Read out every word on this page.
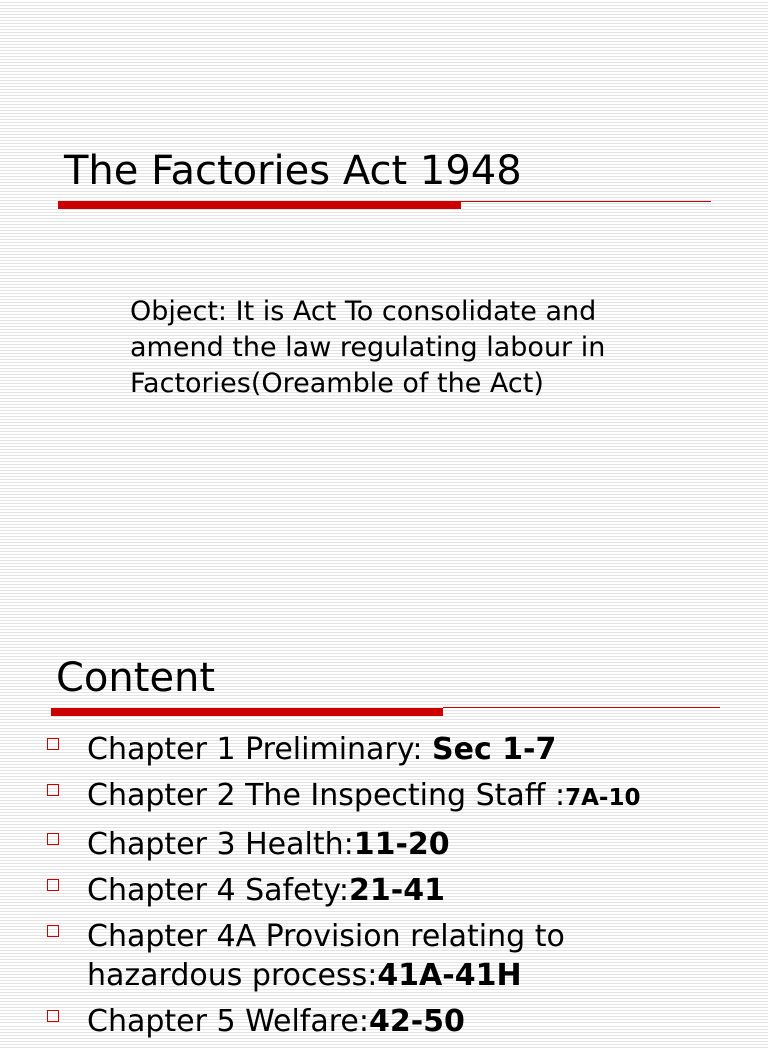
The Factories Act 1948

Object: It is Act To consolidate and
amend the law regulating labour in
Factories(Oreamble of the Act)

Content
Chapter 1 Preliminary: Sec 1-7
Chapter 2 The Inspecting Staff :7A-10
Chapter 3 Health:11-20
Chapter 4 Safety:21-41
Chapter 4A Provision relating to
hazardous process:41A-41H
Chapter 5 Welfare:42-50
